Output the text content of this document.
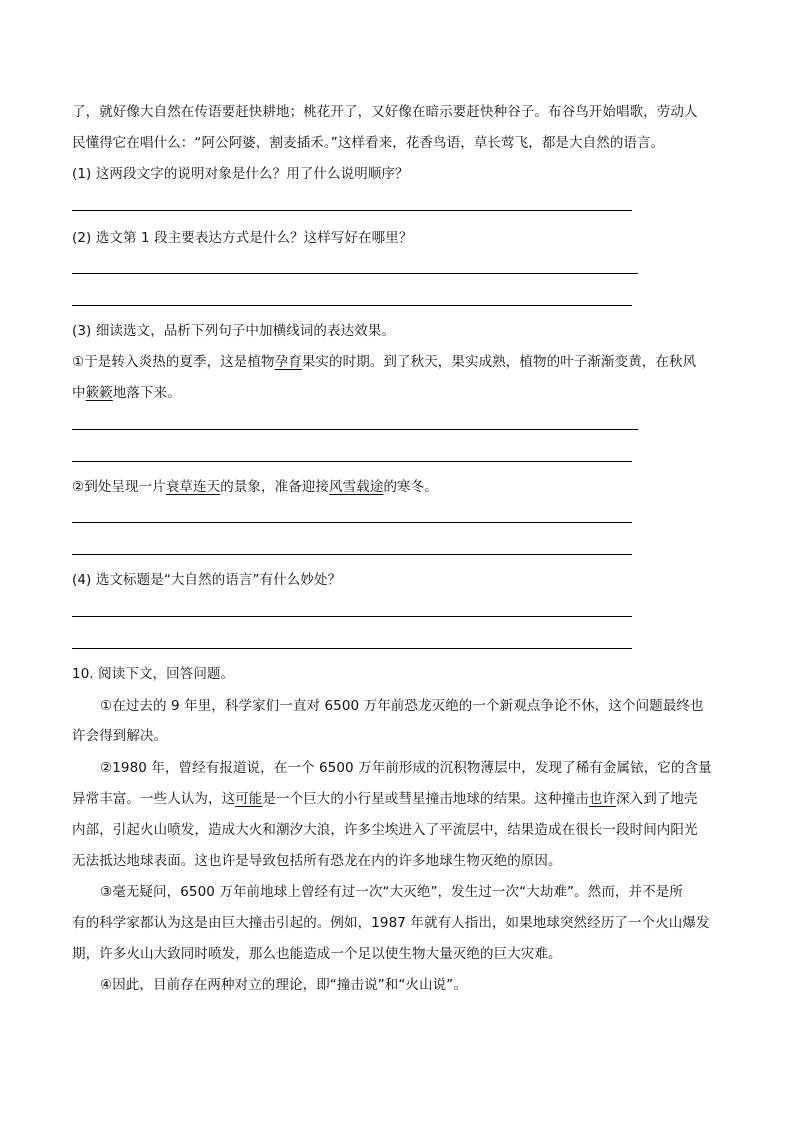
了，就好像大自然在传语要赶快耕地；桃花开了，又好像在暗示要赶快种谷子。布谷鸟开始唱歌，劳动人
民懂得它在唱什么：“阿公阿婆，割麦插禾。”这样看来，花香鸟语，草长莺飞，都是大自然的语言。
(1) 这两段文字的说明对象是什么？用了什么说明顺序？
(2) 选文第 1 段主要表达方式是什么？这样写好在哪里？
(3) 细读选文，品析下列句子中加横线词的表达效果。
①于是转入炎热的夏季，这是植物孕育果实的时期。到了秋天，果实成熟，植物的叶子渐渐变黄，在秋风
中簌簌地落下来。
②到处呈现一片衰草连天的景象，准备迎接风雪载途的寒冬。
(4) 选文标题是“大自然的语言”有什么妙处？
10. 阅读下文，回答问题。
①在过去的 9 年里，科学家们一直对 6500 万年前恐龙灭绝的一个新观点争论不休，这个问题最终也
许会得到解决。
②1980 年，曾经有报道说，在一个 6500 万年前形成的沉积物薄层中，发现了稀有金属铱，它的含量
异常丰富。一些人认为，这可能是一个巨大的小行星或彗星撞击地球的结果。这种撞击也许深入到了地壳
内部，引起火山喷发，造成大火和潮汐大浪，许多尘埃进入了平流层中，结果造成在很长一段时间内阳光
无法抵达地球表面。这也许是导致包括所有恐龙在内的许多地球生物灭绝的原因。
③毫无疑问，6500 万年前地球上曾经有过一次“大灭绝”，发生过一次“大劫难”。然而，并不是所
有的科学家都认为这是由巨大撞击引起的。例如，1987 年就有人指出，如果地球突然经历了一个火山爆发
期，许多火山大致同时喷发，那么也能造成一个足以使生物大量灭绝的巨大灾难。
④因此，目前存在两种对立的理论，即“撞击说”和“火山说”。
